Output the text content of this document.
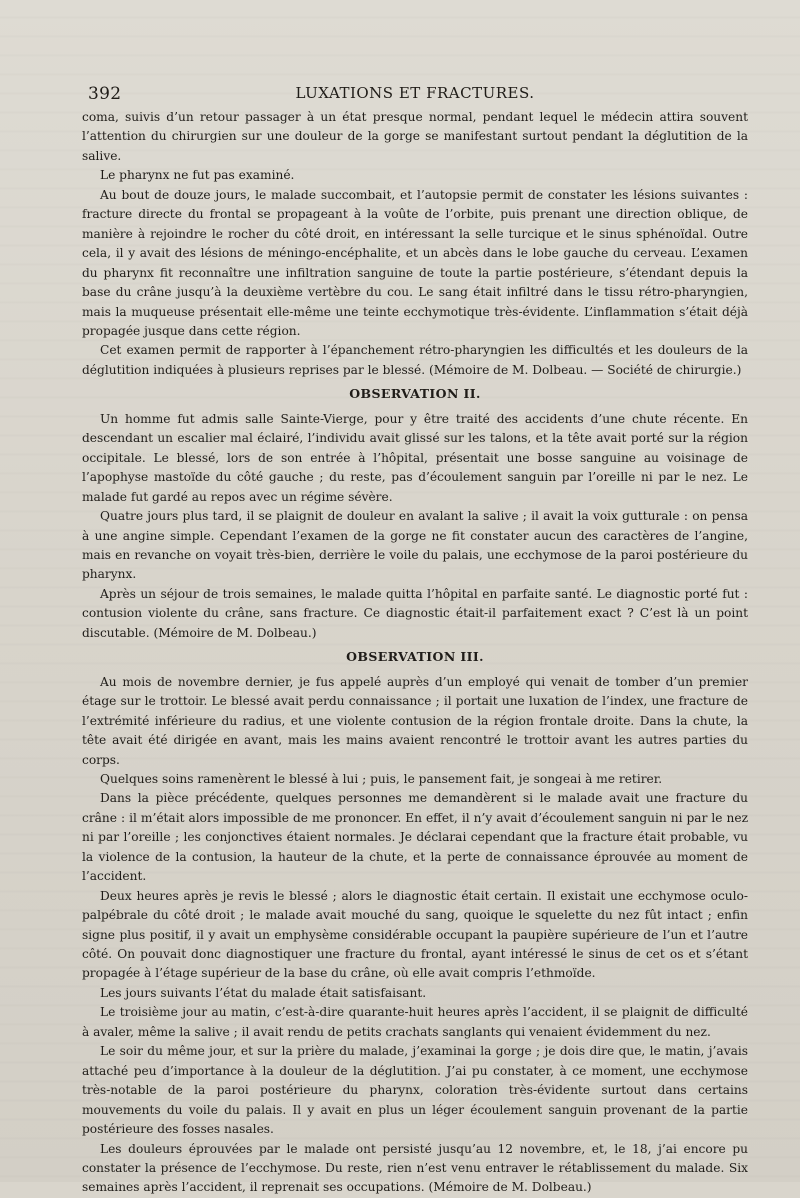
392	LUXATIONS ET FRACTURES.

coma, suivis d’un retour passager à un état presque normal, pendant lequel le médecin attira souvent l’attention du chirurgien sur une douleur de la gorge se manifestant surtout pendant la déglutition de la salive.

Le pharynx ne fut pas examiné.

Au bout de douze jours, le malade succombait, et l’autopsie permit de constater les lésions suivantes : fracture directe du frontal se propageant à la voûte de l’orbite, puis prenant une direction oblique, de manière à rejoindre le rocher du côté droit, en intéressant la selle turcique et le sinus sphénoïdal. Outre cela, il y avait des lésions de méningo-encéphalite, et un abcès dans le lobe gauche du cerveau. L’examen du pharynx fit reconnaître une infiltration sanguine de toute la partie postérieure, s’étendant depuis la base du crâne jusqu’à la deuxième vertèbre du cou. Le sang était infiltré dans le tissu rétro-pharyngien, mais la muqueuse présentait elle-même une teinte ecchymotique très-évidente. L’inflammation s’était déjà propagée jusque dans cette région.

Cet examen permit de rapporter à l’épanchement rétro-pharyngien les difficultés et les douleurs de la déglutition indiquées à plusieurs reprises par le blessé. (Mémoire de M. Dolbeau. — Société de chirurgie.)

OBSERVATION II.

Un homme fut admis salle Sainte-Vierge, pour y être traité des accidents d’une chute récente. En descendant un escalier mal éclairé, l’individu avait glissé sur les talons, et la tête avait porté sur la région occipitale. Le blessé, lors de son entrée à l’hôpital, présentait une bosse sanguine au voisinage de l’apophyse mastoïde du côté gauche ; du reste, pas d’écoulement sanguin par l’oreille ni par le nez. Le malade fut gardé au repos avec un régime sévère.

Quatre jours plus tard, il se plaignit de douleur en avalant la salive ; il avait la voix gutturale : on pensa à une angine simple. Cependant l’examen de la gorge ne fit constater aucun des caractères de l’angine, mais en revanche on voyait très-bien, derrière le voile du palais, une ecchymose de la paroi postérieure du pharynx.

Après un séjour de trois semaines, le malade quitta l’hôpital en parfaite santé. Le diagnostic porté fut : contusion violente du crâne, sans fracture. Ce diagnostic était-il parfaitement exact ? C’est là un point discutable. (Mémoire de M. Dolbeau.)

OBSERVATION III.

Au mois de novembre dernier, je fus appelé auprès d’un employé qui venait de tomber d’un premier étage sur le trottoir. Le blessé avait perdu connaissance ; il portait une luxation de l’index, une fracture de l’extrémité inférieure du radius, et une violente contusion de la région frontale droite. Dans la chute, la tête avait été dirigée en avant, mais les mains avaient rencontré le trottoir avant les autres parties du corps.

Quelques soins ramenèrent le blessé à lui ; puis, le pansement fait, je songeai à me retirer.

Dans la pièce précédente, quelques personnes me demandèrent si le malade avait une fracture du crâne : il m’était alors impossible de me prononcer. En effet, il n’y avait d’écoulement sanguin ni par le nez ni par l’oreille ; les conjonctives étaient normales. Je déclarai cependant que la fracture était probable, vu la violence de la contusion, la hauteur de la chute, et la perte de connaissance éprouvée au moment de l’accident.

Deux heures après je revis le blessé ; alors le diagnostic était certain. Il existait une ecchymose oculo-palpébrale du côté droit ; le malade avait mouché du sang, quoique le squelette du nez fût intact ; enfin signe plus positif, il y avait un emphysème considérable occupant la paupière supérieure de l’un et l’autre côté. On pouvait donc diagnostiquer une fracture du frontal, ayant intéressé le sinus de cet os et s’étant propagée à l’étage supérieur de la base du crâne, où elle avait compris l’ethmoïde.

Les jours suivants l’état du malade était satisfaisant.

Le troisième jour au matin, c’est-à-dire quarante-huit heures après l’accident, il se plaignit de difficulté à avaler, même la salive ; il avait rendu de petits crachats sanglants qui venaient évidemment du nez.

Le soir du même jour, et sur la prière du malade, j’examinai la gorge ; je dois dire que, le matin, j’avais attaché peu d’importance à la douleur de la déglutition. J’ai pu constater, à ce moment, une ecchymose très-notable de la paroi postérieure du pharynx, coloration très-évidente surtout dans certains mouvements du voile du palais. Il y avait en plus un léger écoulement sanguin provenant de la partie postérieure des fosses nasales.

Les douleurs éprouvées par le malade ont persisté jusqu’au 12 novembre, et, le 18, j’ai encore pu constater la présence de l’ecchymose. Du reste, rien n’est venu entraver le rétablissement du malade. Six semaines après l’accident, il reprenait ses occupations. (Mémoire de M. Dolbeau.)
